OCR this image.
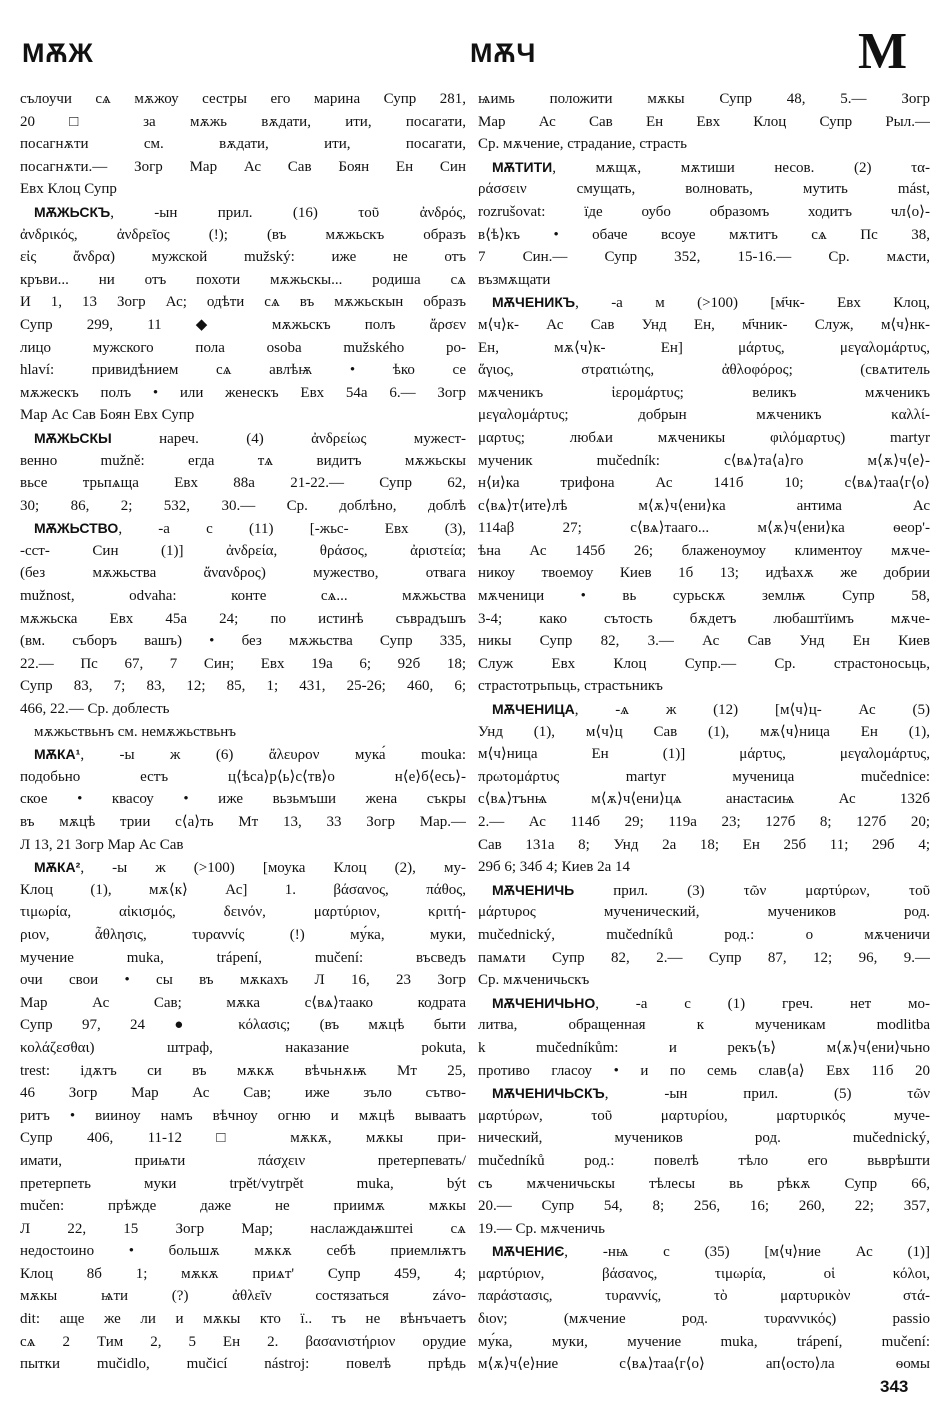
МѪЖ	МѪЧ	М
сълоучи сѧ мѫжоу сестры его марина Супр 281,
20 □ за мѫжь вѫдати, ити, посагати,
посагнѫти см. вѫдати, ити, посагати,
посагнѫти.— Зогр Мар Ас Сав Боян Ен Син
Евх Клоц Супр
МѪЖЬСКЪ, -ын прил. (16) τοῦ ἀνδρός,
ἀνδρικός, ἀνδρεῖος (!); (въ мѫжьскъ образъ
εἰς ἄνδρα) мужской mužský: иже не отъ
кръви... ни отъ похоти мѫжьскы... родиша сѧ
И 1, 13 Зогр Ас; одѣти сѧ въ мѫжьскын образъ
Супр 299, 11 ◆ мѫжьскъ полъ ἄρσεν
лицо мужского пола osoba mužského po-
hlaví: привидѣнием сѧ авлѣѭ • ѣко се
мѫжескъ полъ • или женескъ Евх 54а 6.— Зогр
Мар Ас Сав Боян Евх Супр
МѪЖЬСКЫ нареч. (4) ἀνδρείως мужест-
венно mužně: егда тѧ видитъ мѫжьскы
вьсе трьпѧща Евх 88а 21-22.— Супр 62,
30; 86, 2; 532, 30.— Ср. доблѣно, доблѣ
МѪЖЬСТВО, -а с (11) [-жьс- Евх (3),
-сст- Син (1)] ἀνδρεία, θράσος, ἀριστεία;
(без мѫжьства ἄνανδρος) мужество, отвага
mužnost, odvaha: конте сѧ... мѫжьства
мѫжьска Евх 45а 24; по истинѣ съврадъшъ
(вм. съборъ вашъ) • без мѫжьства Супр 335,
22.— Пс 67, 7 Син; Евх 19а 6; 92б 18;
Супр 83, 7; 83, 12; 85, 1; 431, 25-26; 460, 6;
466, 22.— Ср. доблесть
мѫжьствьнъ см. немѫжьствьнъ
МѪКА¹, -ы ж (6) ἄλευρον мука́ mouka:
подобьно естъ ц⟨ѣса⟩р⟨ь⟩с⟨тв⟩о н⟨е⟩б⟨есь⟩-
ское • квасоу • иже вьзьмъши жена съкры
въ мѫцѣ трии с⟨а⟩ть Мт 13, 33 Зогр Мар.—
Л 13, 21 Зогр Мар Ас Сав
МѪКА², -ы ж (>100) [моука Клоц (2), му-
Клоц (1), мѫ⟨к⟩ Ас] 1. βάσανος, πάθος,
τιμωρία, αἰκισμός, δεινόν, μαρτύριον, κριτή-
ριον, ἆθλησις, τυραννίς (!) му́ка, муки,
мучение muka, trápení, mučení: въсведъ
очи свои • сы въ мѫкахъ Л 16, 23 Зогр
Мар Ас Сав; мѫка с⟨вѧ⟩таако кодрата
Супр 97, 24 ● κόλασις; (въ мѫцѣ быти
κολάζεσθαι) штраф, наказание pokuta,
trest: ідѫтъ си въ мѫкѫ вѣчьнѫѭ Мт 25,
46 Зогр Мар Ас Сав; иже зъло сътво-
ритъ • вииноу намъ вѣчноу огню и мѫцѣ вываатъ
Супр 406, 11-12 □ мѫкѫ, мѫкы при-
имати, приѩти πάσχειν претерпевать/
претерпеть муки trpět/vytrpět muka, být
mučen: прѣжде даже не приимѫ мѫкы
Л 22, 15 Зогр Мар; наслаждаѭштеі сѧ
недостоино • большѫ мѫкѫ себѣ приемлѭтъ
Клоц 8б 1; мѫкѫ приѧт' Супр 459, 4;
мѫкы ѩти (?) ἀθλεῖν состязаться závo-
dit: аще же ли и мѫкы кто ї.. тъ не вѣнъчаетъ
сѧ 2 Тим 2, 5 Ен 2. βασανιστήριον орудие
пытки mučidlo, mučicí nástroj: повелѣ прѣдь
ѩимь положити мѫкы Супр 48, 5.— Зогр
Мар Ас Сав Ен Евх Клоц Супр Рыл.—
Ср. мѫчение, страдание, страсть
МѪТИТИ, мѫщѫ, мѫтиши несов. (2) τα-
ράσσειν смущать, волновать, мутить mást,
rozrušovat: їде оубо образомъ ходитъ чл⟨о⟩-
в⟨ѣ⟩къ • обаче всоуе мѫтитъ сѧ Пс 38,
7 Син.— Супр 352, 15-16.— Ср. мѧсти,
възмѫщати
МѪЧЕНИКЪ, -а м (>100) [м҃чк- Евх Клоц,
м⟨ч⟩к- Ас Сав Унд Ен, м҃чник- Служ, м⟨ч⟩нк-
Ен, мѫ⟨ч⟩к- Ен] μάρτυς, μεγαλομάρτυς,
ἅγιος, στρατιώτης, ἀθλοφόρος; (свѧтитель
мѫченикъ ἱερομάρτυς; великъ мѫченикъ
μεγαλομάρτυς; добрын мѫченикъ καλλί-
μαρτυς; любѧи мѫченикы φιλόμαρτυς) martyr
мученик mučedník: с⟨вѧ⟩та⟨а⟩го м⟨ѫ⟩ч⟨е⟩-
н⟨и⟩ка трифона Ас 141б 10; с⟨вѧ⟩таа⟨г⟨о⟩
с⟨вѧ⟩т⟨ите⟩лѣ м⟨ѫ⟩ч⟨ени⟩ка антима Ас
114аβ 27; с⟨вѧ⟩тааго... м⟨ѫ⟩ч⟨ени⟩ка ѳеор'-
ѣна Ас 145б 26; блаженоумоу климентоу мѫче-
никоу твоемоу Киев 1б 13; идѣахѫ же добрии
мѫченици • вь сурьскѫ землѭ Супр 58,
3-4; како сътость бѫдетъ любаштїимъ мѫче-
никы Супр 82, 3.— Ас Сав Унд Ен Киев
Служ Евх Клоц Супр.— Ср. страстоносьць,
страстотрьпьць, страстьникъ
МѪЧЕНИЦА, -ѧ ж (12) [м⟨ч⟩ц- Ас (5)
Унд (1), м⟨ч⟩ц Сав (1), мѫ⟨ч⟩ница Ен (1),
м⟨ч⟩ница Ен (1)] μάρτυς, μεγαλομάρτυς,
πρωτομάρτυς martyr мученица mučednice:
с⟨вѧ⟩тънѩ м⟨ѫ⟩ч⟨ени⟩цѧ анастасиѩ Ас 132б
2.— Ас 114б 29; 119а 23; 127б 8; 127б 20;
Сав 131а 8; Унд 2а 18; Ен 25б 11; 29б 4;
29б 6; 34б 4; Киев 2а 14
МѪЧЕНИЧЬ прил. (3) τῶν μαρτύρων, τοῦ
μάρτυρος мученический, мучеников род.
mučednický, mučedníků род.: о мѫченичи
памѧти Супр 82, 2.— Супр 87, 12; 96, 9.—
Ср. мѫченичьскъ
МѪЧЕНИЧЬНО, -а с (1) греч. нет мо-
литва, обращенная к мученикам modlitba
k mučedníkům: и рекъ⟨ъ⟩ м⟨ѫ⟩ч⟨ени⟩чьно
противо гласоу • и по семь слав⟨а⟩ Евх 11б 20
МѪЧЕНИЧЬСКЪ, -ын прил. (5) τῶν
μαρτύρων, τοῦ μαρτυρίου, μαρτυρικός муче-
нический, мучеников род. mučednický,
mučedníků род.: повелѣ тѣло его вьврѣшти
съ мѫченичьскы тѣлесы вь рѣкѫ Супр 66,
20.— Супр 54, 8; 256, 16; 260, 22; 357,
19.— Ср. мѫченичь
МѪЧЕНИЄ, -нѩ с (35) [м⟨ч⟩ние Ас (1)]
μαρτύριον, βάσανος, τιμωρία, οἱ κόλοι,
παράστασις, τυραννίς, τὸ μαρτυρικὸν στά-
διον; (мѫчение род. τυραννικός) passio
му́ка, муки, мучение muka, trápení, mučení:
м⟨ѫ⟩ч⟨е⟩ние с⟨вѧ⟩таа⟨г⟨о⟩ ап⟨осто⟩ла ѳомы
343
